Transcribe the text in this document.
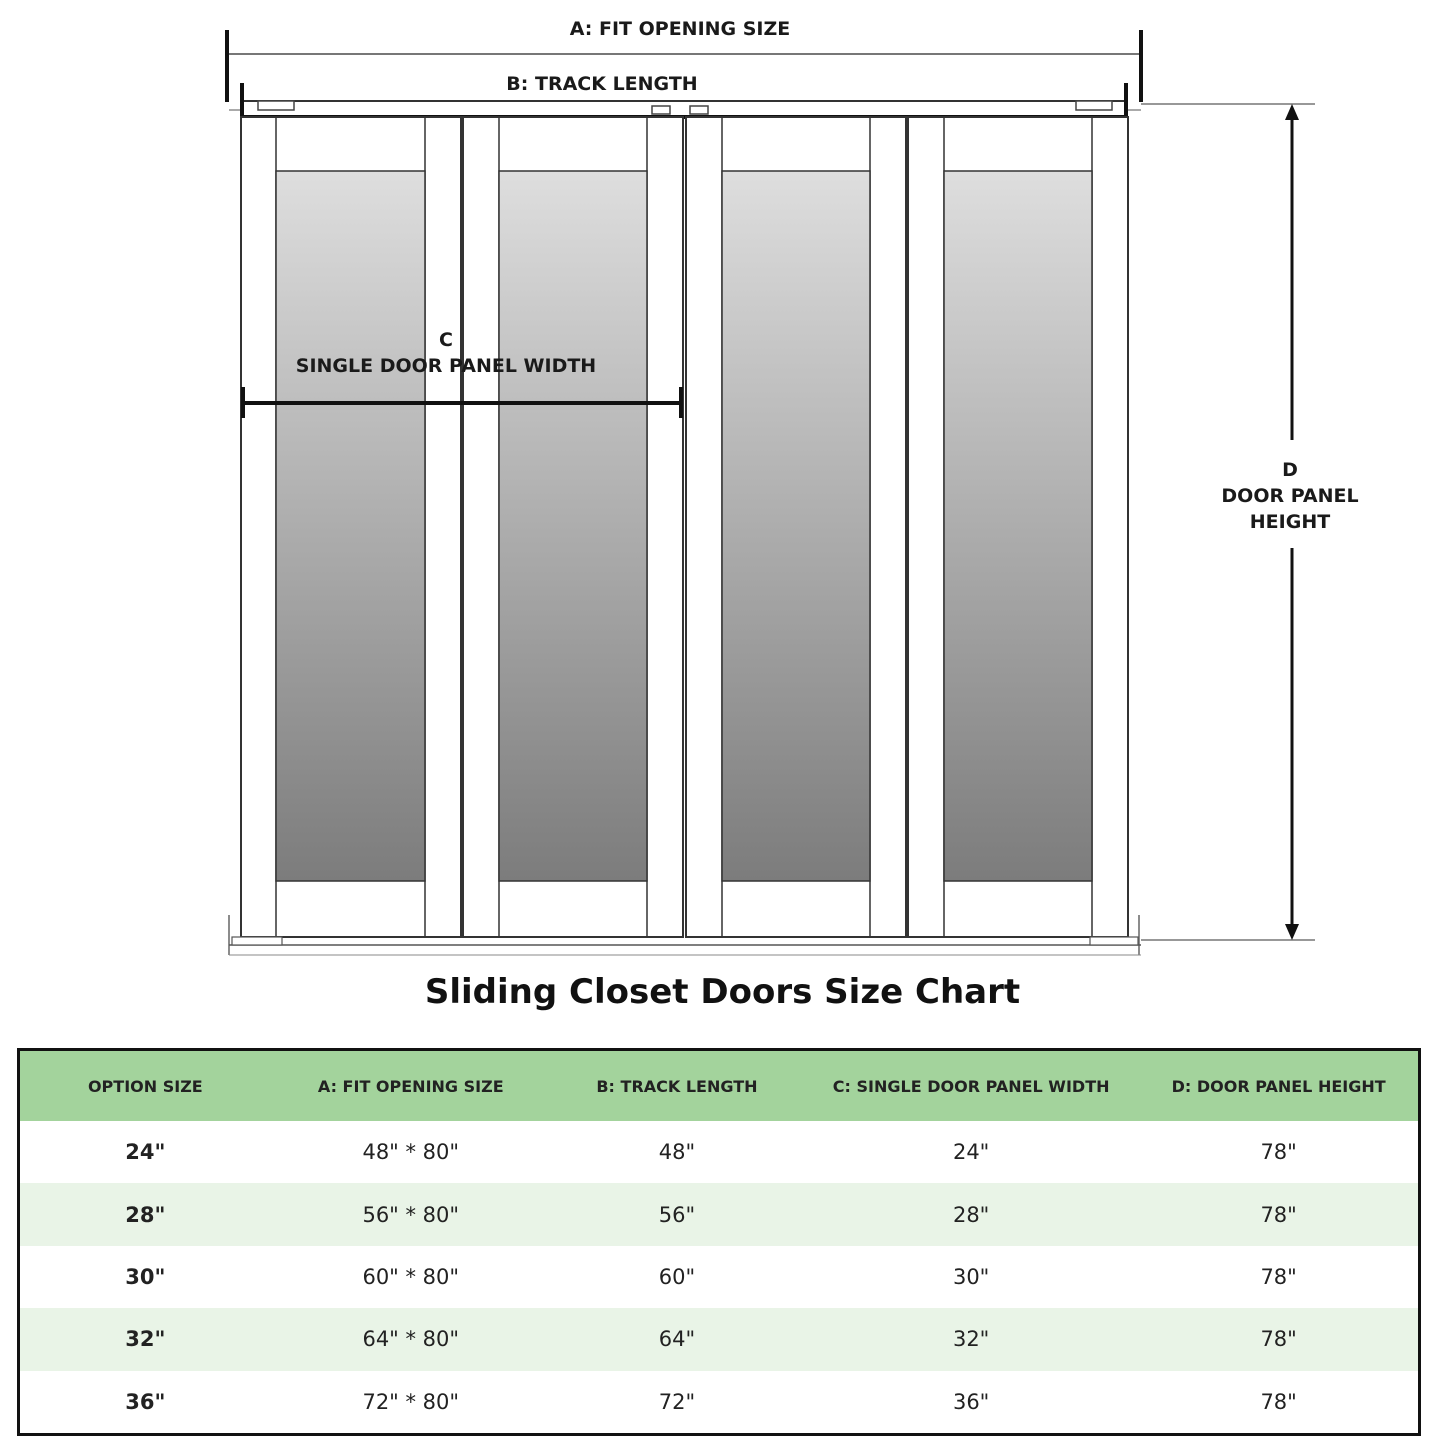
A: FIT OPENING SIZE
B: TRACK LENGTH
C
SINGLE DOOR PANEL WIDTH
D
DOOR PANEL
HEIGHT
Sliding Closet Doors Size Chart
OPTION SIZE	A: FIT OPENING SIZE	B: TRACK LENGTH	C: SINGLE DOOR PANEL WIDTH	D: DOOR PANEL HEIGHT
24"	48" * 80"	48"	24"	78"
28"	56" * 80"	56"	28"	78"
30"	60" * 80"	60"	30"	78"
32"	64" * 80"	64"	32"	78"
36"	72" * 80"	72"	36"	78"
